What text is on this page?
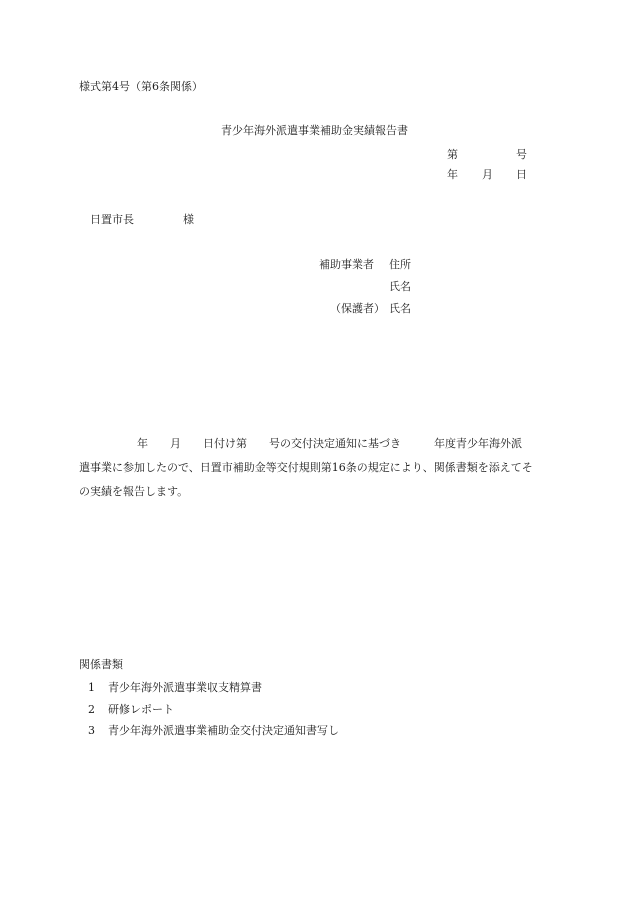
様式第4号（第6条関係）
青少年海外派遣事業補助金実績報告書
第	号
年 月 日
日置市長	様
補助事業者 住所
氏名
（保護者） 氏名

年　　月　　日付け第　　号の交付決定通知に基づき　　　年度青少年海外派

遣事業に参加したので、日置市補助金等交付規則第16条の規定により、関係書類を添えてそ

の実績を報告します。

関係書類
1 青少年海外派遣事業収支精算書
2 研修レポート
3 青少年海外派遣事業補助金交付決定通知書写し
